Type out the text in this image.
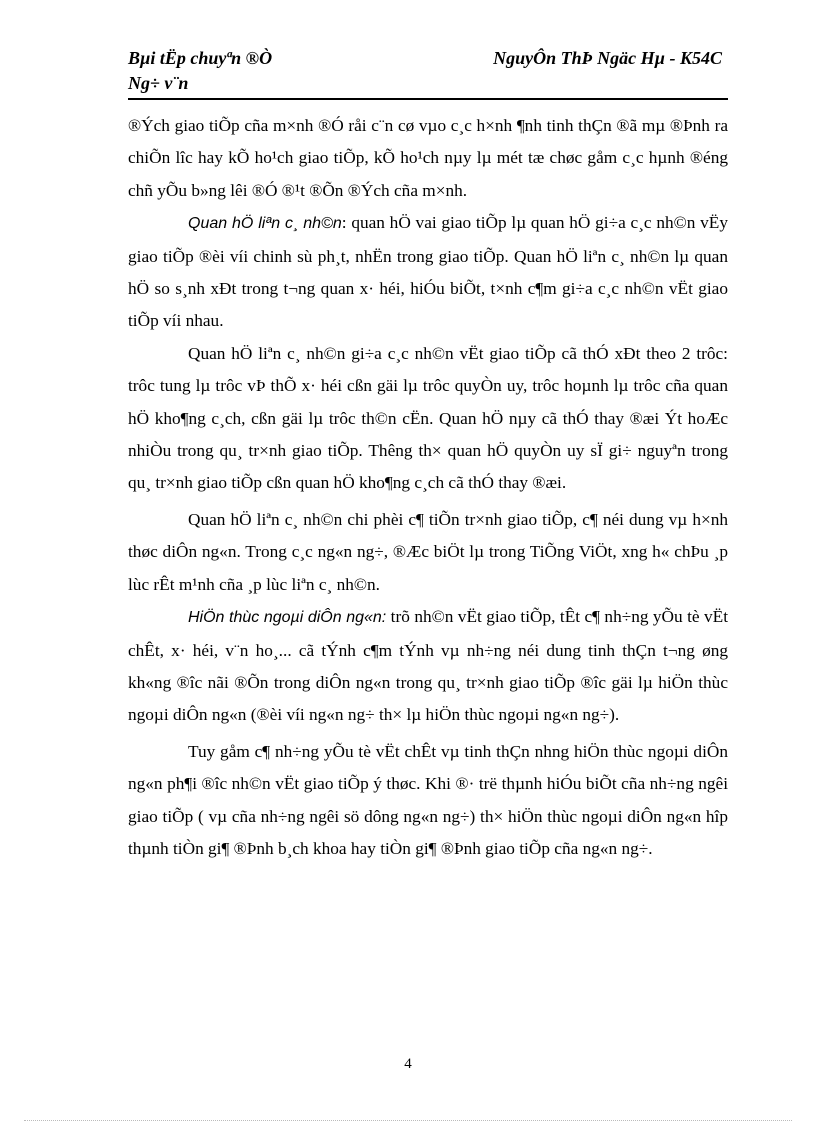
Bµi tËp chuyªn ®Ò
Ng÷ v¨n
NguyÔn ThÞ Ngäc Hµ - K54C

®Ých giao tiÕp cña m×nh ®Ó råi c¨n cø vµo c¸c h×nh ¶nh tinh thÇn ®ã mµ ®Þnh ra chiÕn lîc hay kÕ ho¹ch giao tiÕp, kÕ ho¹ch nµy lµ mét tæ chøc gåm c¸c hµnh ®éng chñ yÕu b»ng lêi ®Ó ®¹t ®Õn ®Ých cña m×nh.

Quan hÖ liªn c¸ nh©n: quan hÖ vai giao tiÕp lµ quan hÖ gi÷a c¸c nh©n vËy giao tiÕp ®èi víi chinh sù ph¸t, nhËn trong giao tiÕp. Quan hÖ liªn c¸ nh©n lµ quan hÖ so s¸nh xÐt trong t¬ng quan x· héi, hiÓu biÕt, t×nh c¶m gi÷a c¸c nh©n vËt giao tiÕp víi nhau.

Quan hÖ liªn c¸ nh©n gi÷a c¸c nh©n vËt giao tiÕp cã thÓ xÐt theo 2 trôc: trôc tung lµ trôc vÞ thÕ x· héi cßn gäi lµ trôc quyÒn uy, trôc hoµnh lµ trôc cña quan hÖ kho¶ng c¸ch, cßn gäi lµ trôc th©n cËn. Quan hÖ nµy cã thÓ thay ®æi Ýt hoÆc nhiÒu trong qu¸ tr×nh giao tiÕp. Thêng th× quan hÖ quyÒn uy sÏ gi÷ nguyªn trong qu¸ tr×nh giao tiÕp cßn quan hÖ kho¶ng c¸ch cã thÓ thay ®æi.

Quan hÖ liªn c¸ nh©n chi phèi c¶ tiÕn tr×nh giao tiÕp, c¶ néi dung vµ h×nh thøc diÔn ng«n. Trong c¸c ng«n ng÷, ®Æc biÖt lµ trong TiÕng ViÖt, xng h« chÞu ¸p lùc rÊt m¹nh cña ¸p lùc liªn c¸ nh©n.

HiÖn thùc ngoµi diÔn ng«n: trõ nh©n vËt giao tiÕp, tÊt c¶ nh÷ng yÕu tè vËt chÊt, x· héi, v¨n ho¸... cã tÝnh c¶m tÝnh vµ nh÷ng néi dung tinh thÇn t¬ng øng kh«ng ®îc nãi ®Õn trong diÔn ng«n trong qu¸ tr×nh giao tiÕp ®îc gäi lµ hiÖn thùc ngoµi diÔn ng«n (®èi víi ng«n ng÷ th× lµ hiÖn thùc ngoµi ng«n ng÷).

Tuy gåm c¶ nh÷ng yÕu tè vËt chÊt vµ tinh thÇn nhng hiÖn thùc ngoµi diÔn ng«n ph¶i ®îc nh©n vËt giao tiÕp ý thøc. Khi ®· trë thµnh hiÓu biÕt cña nh÷ng ngêi giao tiÕp ( vµ cña nh÷ng ngêi sö dông ng«n ng÷) th× hiÖn thùc ngoµi diÔn ng«n hîp thµnh tiÒn gi¶ ®Þnh b¸ch khoa hay tiÒn gi¶ ®Þnh giao tiÕp cña ng«n ng÷.

4
